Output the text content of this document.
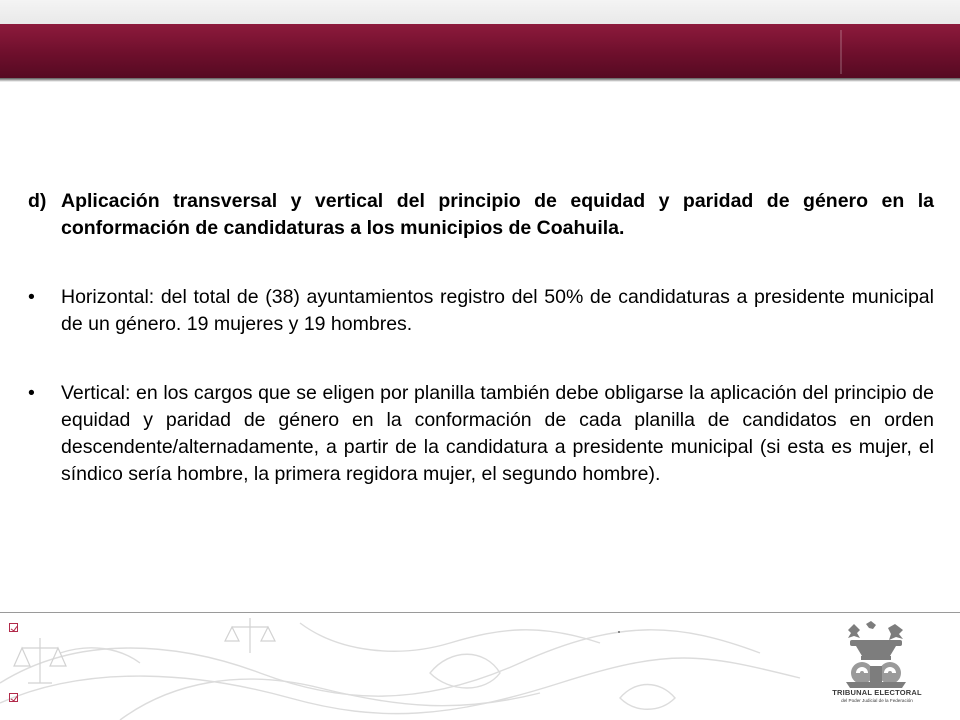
d) Aplicación transversal y vertical del principio de equidad y paridad de género en la conformación de candidaturas a los municipios de Coahuila.
•	Horizontal: del total de (38) ayuntamientos registro del 50% de candidaturas a presidente municipal de un género. 19 mujeres y 19 hombres.
•	Vertical: en los cargos que se eligen por planilla también debe obligarse la aplicación del principio de equidad y paridad de género en la conformación de cada planilla de candidatos en orden descendente/alternadamente, a partir de la candidatura a presidente municipal (si esta es mujer, el síndico sería hombre, la primera regidora mujer, el segundo hombre).
TRIBUNAL ELECTORAL
del Poder Judicial de la Federación
